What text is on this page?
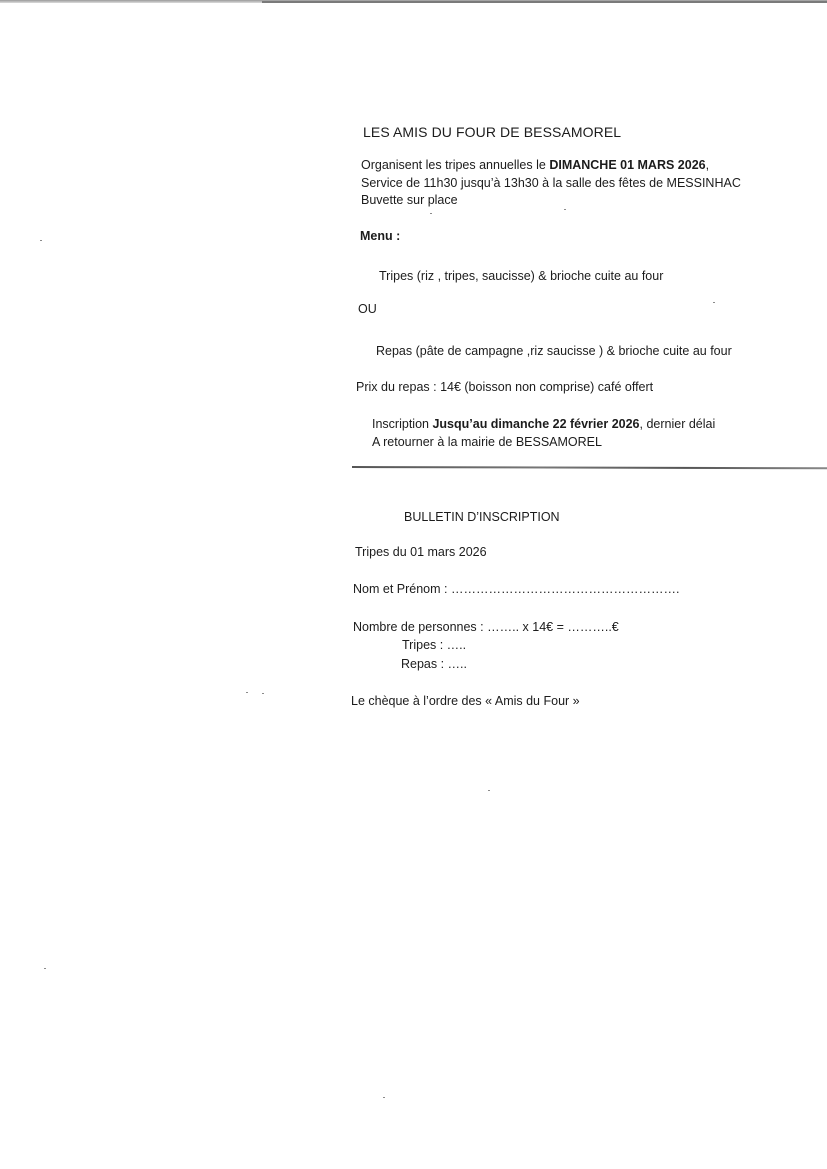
LES AMIS DU FOUR DE BESSAMOREL
Organisent les tripes annuelles le DIMANCHE 01 MARS 2026,
Service de 11h30 jusqu’à 13h30 à la salle des fêtes de MESSINHAC
Buvette sur place
Menu :
Tripes (riz , tripes, saucisse) & brioche cuite au four
OU
Repas (pâte de campagne ,riz saucisse ) & brioche cuite au four
Prix du repas : 14€ (boisson non comprise) café offert
Inscription Jusqu’au dimanche 22 février 2026, dernier délai
A retourner à la mairie de BESSAMOREL
BULLETIN D’INSCRIPTION
Tripes du 01 mars 2026
Nom et Prénom : ……………………………………………….
Nombre de personnes : …….. x 14€ = ………..€
Tripes : …..
Repas : …..
Le chèque à l’ordre des « Amis du Four »
